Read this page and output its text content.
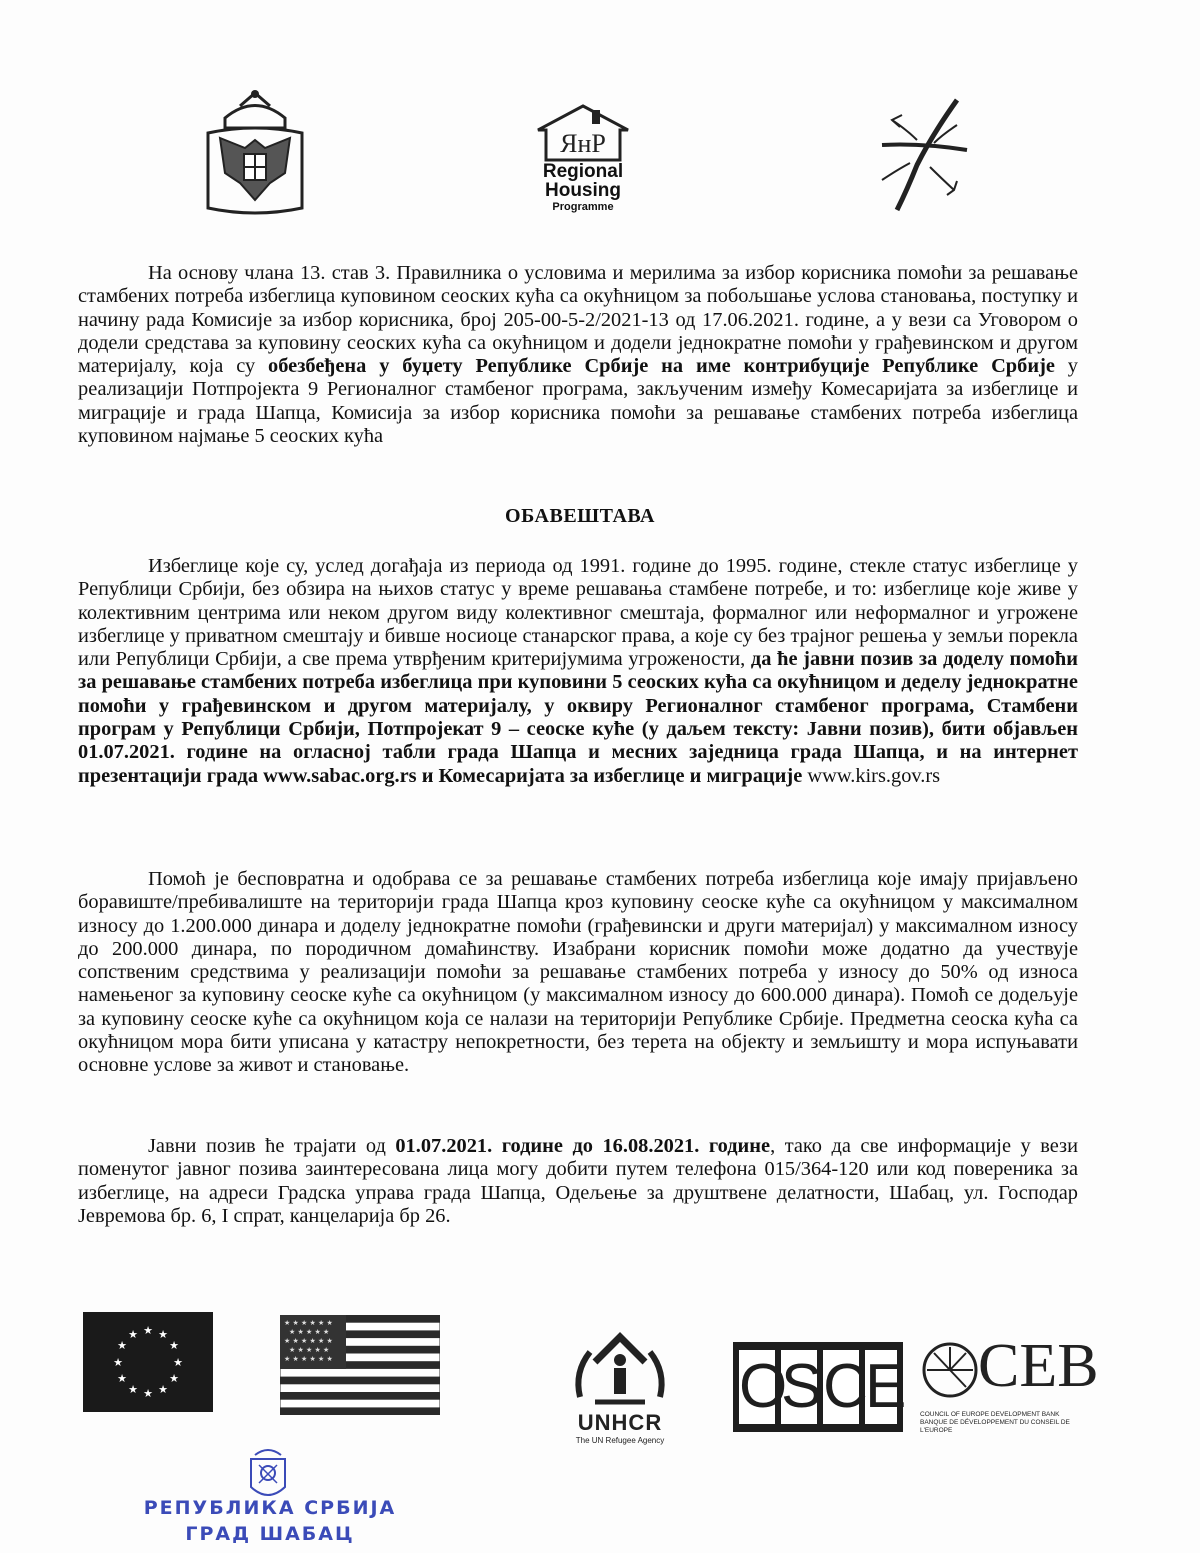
ЯнP
Regional
Housing
Programme

На основу члана 13. став 3. Правилника о условима и мерилима за избор корисника помоћи за решавање стамбених потреба избеглица куповином сеоских кућа са окућницом за побољшање услова становања, поступку и начину рада Комисије за избор корисника, број 205-00-5-2/2021-13 од 17.06.2021. године, а у вези са Уговором о додели средстава за куповину сеоских кућа са окућницом и додели једнократне помоћи у грађевинском и другом материјалу, која су обезбеђена у буџету Републике Србије на име контрибуције Републике Србије у реализацији Потпројекта 9 Регионалног стамбеног програма, закљученим између Комесаријата за избеглице и миграције и града Шапца, Комисија за избор корисника помоћи за решавање стамбених потреба избеглица куповином најмање 5 сеоских кућа

ОБАВЕШТАВА

Избеглице које су, услед догађаја из периода од 1991. године до 1995. године, стекле статус избеглице у Републици Србији, без обзира на њихов статус у време решавања стамбене потребе, и то: избеглице које живе у колективним центрима или неком другом виду колективног смештаја, формалног или неформалног и угрожене избеглице у приватном смештају и бивше носиоце станарског права, а које су без трајног решења у земљи порекла или Републици Србији, а све према утврђеним критеријумима угрожености, да ће јавни позив за доделу помоћи за решавање стамбених потреба избеглица при куповини 5 сеоских кућа са окућницом и деделу једнократне помоћи у грађевинском и другом материјалу, у оквиру Регионалног стамбеног програма, Стамбени програм у Републици Србији, Потпројекат 9 – сеоске куће (у даљем тексту: Јавни позив), бити објављен 01.07.2021. године на огласној табли града Шапца и месних заједница града Шапца, и на интернет презентацији града www.sabac.org.rs и Комесаријата за избеглице и миграције www.kirs.gov.rs

Помоћ је бесповратна и одобрава се за решавање стамбених потреба избеглица које имају пријављено боравиште/пребивалиште на територији града Шапца кроз куповину сеоске куће са окућницом у максималном износу до 1.200.000 динара и доделу једнократне помоћи (грађевински и други материјал) у максималном износу до 200.000 динара, по породичном домаћинству. Изабрани корисник помоћи може додатно да учествује сопственим средствима у реализацији помоћи за решавање стамбених потреба у износу до 50% од износа намењеног за куповину сеоске куће са окућницом (у максималном износу до 600.000 динара). Помоћ се додељује за куповину сеоске куће са окућницом која се налази на територији Републике Србије. Предметна сеоска кућа са окућницом мора бити уписана у катастру непокретности, без терета на објекту и земљишту и мора испуњавати основне услове за живот и становање.

Јавни позив ће трајати од 01.07.2021. године до 16.08.2021. године, тако да све информације у вези поменутог јавног позива заинтересована лица могу добити путем телефона 015/364-120 или код повереника за избеглице, на адреси Градска управа града Шапца, Одељење за друштвене делатности, Шабац, ул. Господар Јевремова бр. 6, I спрат, канцеларија бр 26.

★ ★
★
★
★
★
★
★
★
★
★
★
★ ★ ★ ★ ★ ★
★ ★ ★ ★ ★
★ ★ ★ ★ ★ ★
★ ★ ★ ★ ★
★ ★ ★ ★ ★ ★
UNHCR
The UN Refugee Agency
O
S C
E CEB
COUNCIL OF EUROPE DEVELOPMENT BANK
BANQUE DE DÉVELOPPEMENT DU CONSEIL DE L'EUROPE
РЕПУБЛИКА СРБИЈА
ГРАД ШАБАЦ
